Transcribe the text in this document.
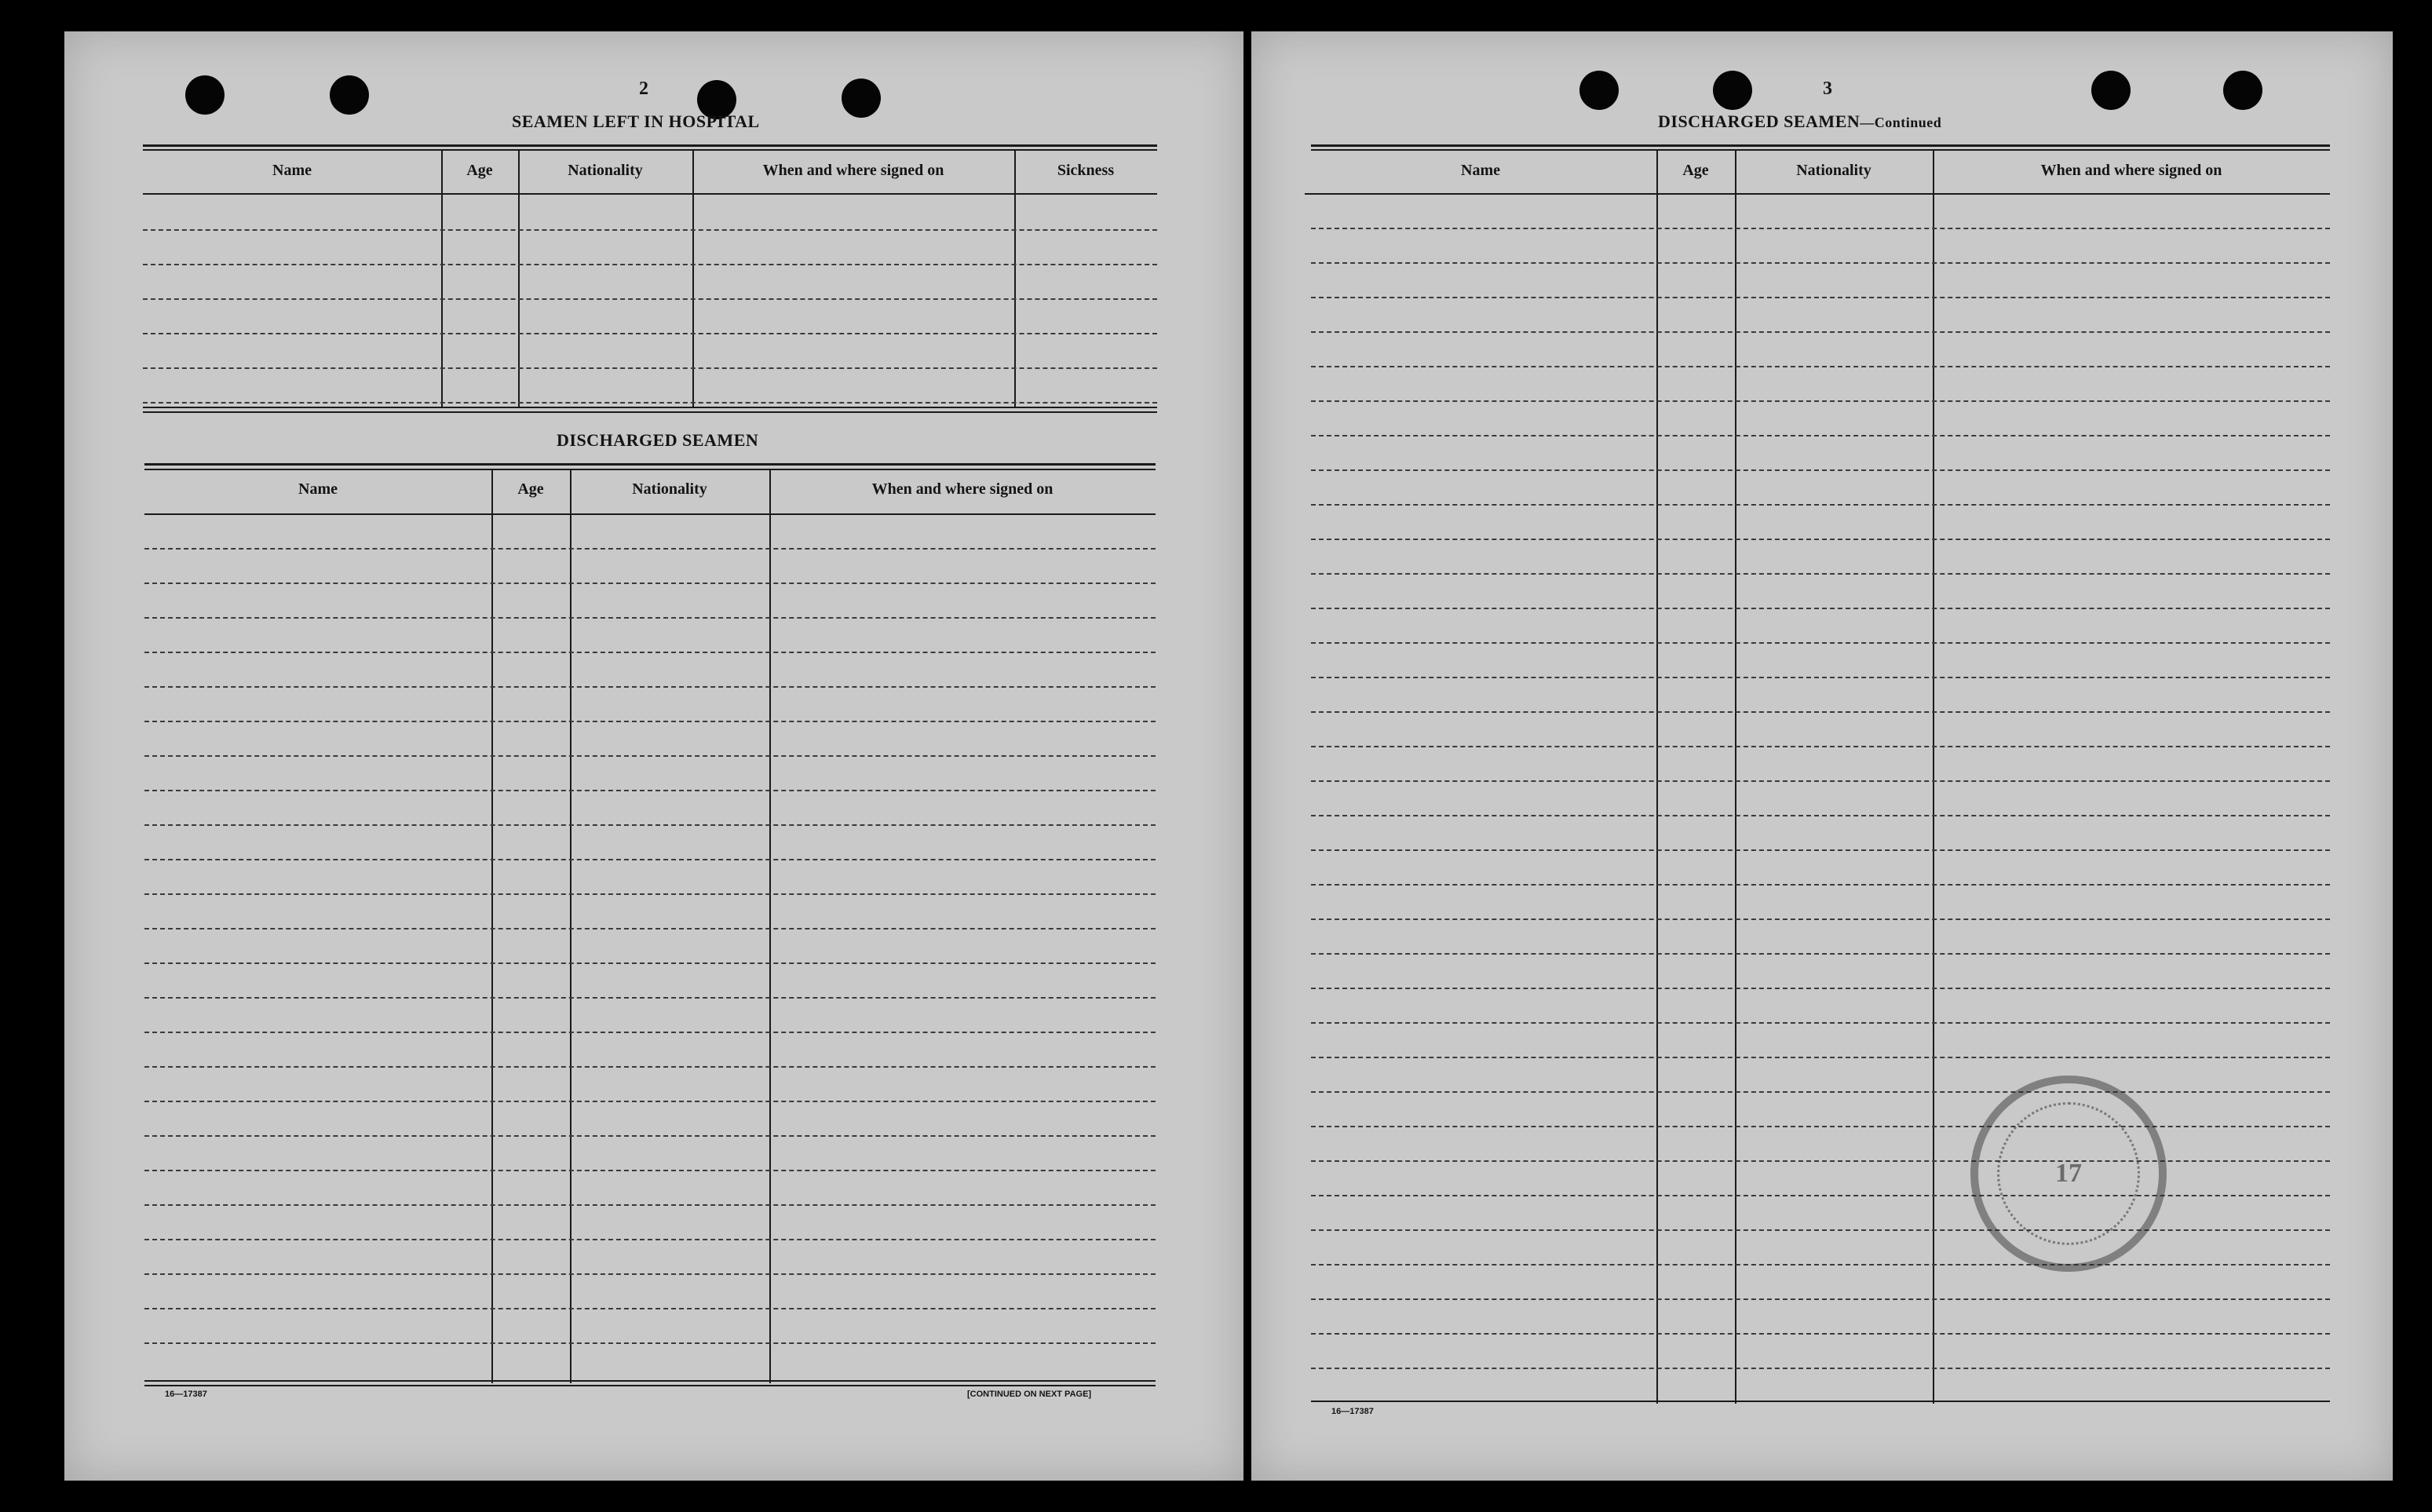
2
SEAMEN LEFT IN HOSPITAL
Name	Age	Nationality	When and where signed on	Sickness
DISCHARGED SEAMEN
Name	Age	Nationality	When and where signed on
16—17387	[CONTINUED ON NEXT PAGE]
3
DISCHARGED SEAMEN—Continued
Name	Age	Nationality	When and where signed on
17
16—17387
